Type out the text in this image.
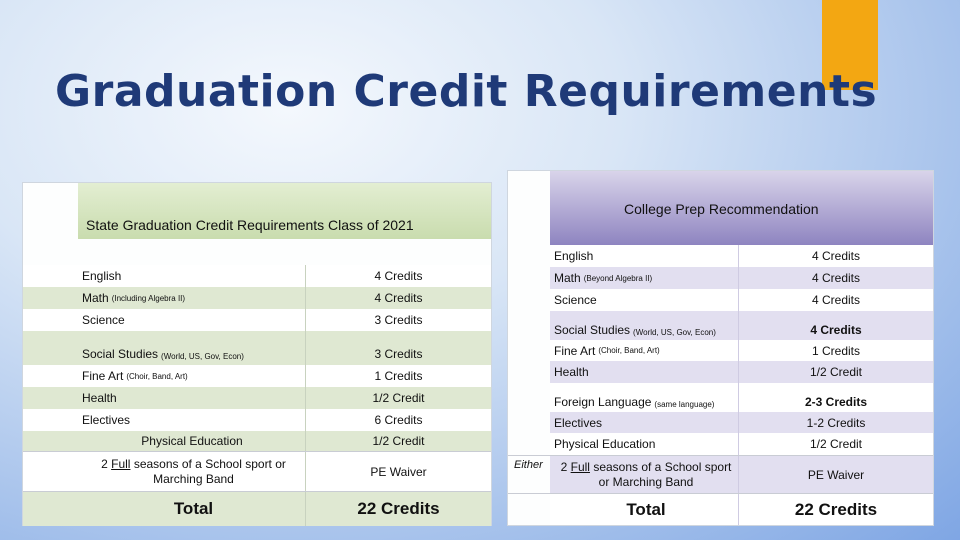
Graduation Credit Requirements
State Graduation Credit Requirements Class of 2021
English	4 Credits
Math (Including Algebra II)	4 Credits
Science	3 Credits
Social Studies (World, US, Gov, Econ)	3 Credits
Fine Art (Choir, Band, Art)	1 Credits
Health	1/2 Credit
Electives	6 Credits
Physical Education	1/2 Credit
2 Full seasons of a School sport or Marching Band	PE Waiver
Total	22 Credits
College Prep Recommendation
English	4 Credits
Math (Beyond Algebra II)	4 Credits
Science	4 Credits
Social Studies (World, US, Gov, Econ)	4 Credits
Fine Art (Choir, Band, Art)	1 Credits
Health	1/2 Credit
Foreign Language (same language)	2-3 Credits
Electives	1-2 Credits
Physical Education	1/2 Credit
Either	2 Full seasons of a School sport or Marching Band	PE Waiver
Total	22 Credits
